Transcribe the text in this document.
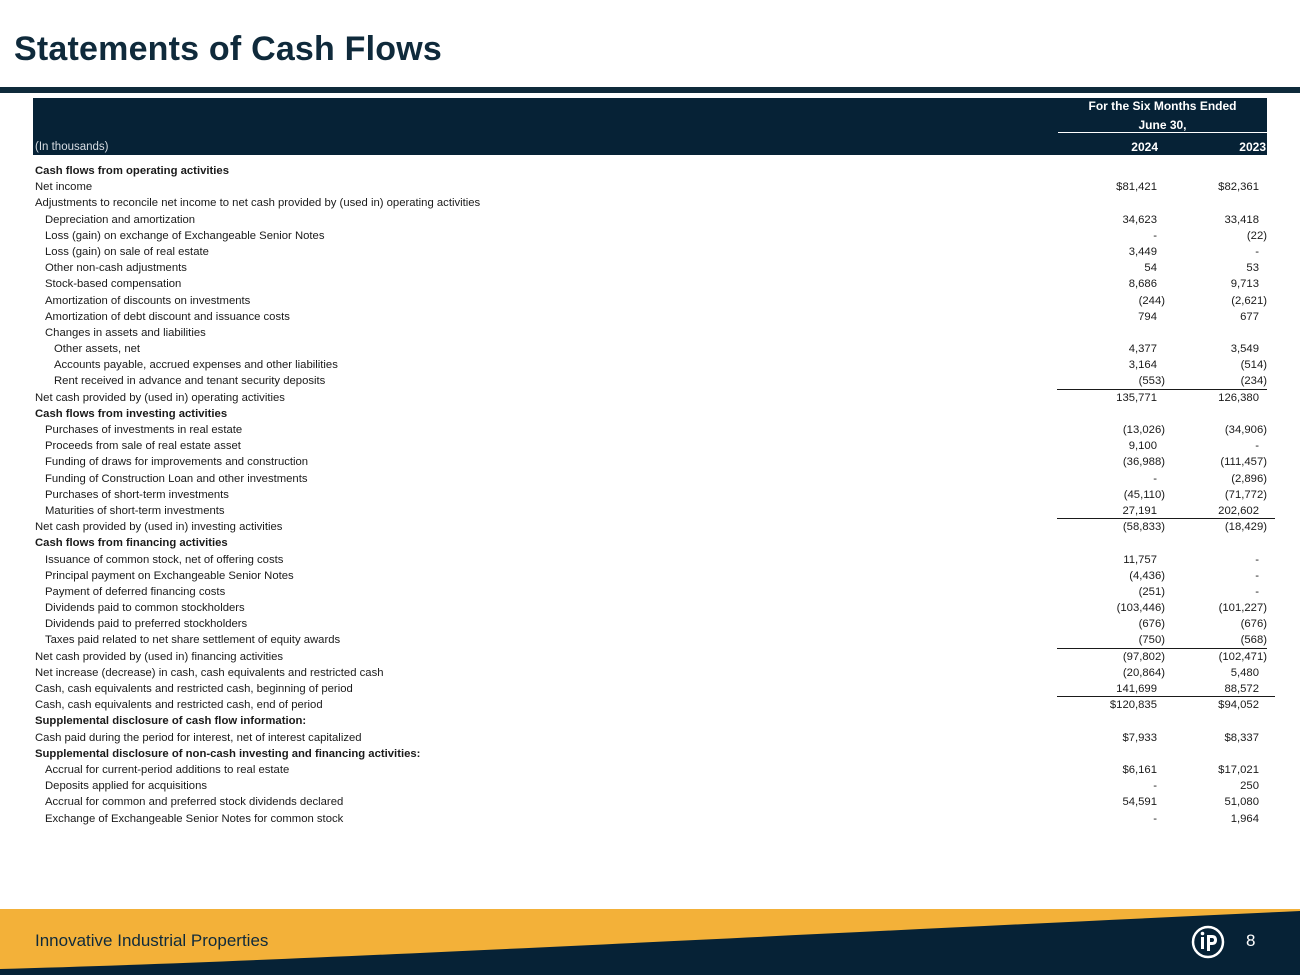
Statements of Cash Flows
For the Six Months Ended
June 30,
(In thousands)	2024	2023
Cash flows from operating activities
Net income	$81,421	$82,361
Adjustments to reconcile net income to net cash provided by (used in) operating activities
Depreciation and amortization	34,623	33,418
Loss (gain) on exchange of Exchangeable Senior Notes	-	(22)
Loss (gain) on sale of real estate	3,449	-
Other non-cash adjustments	54	53
Stock-based compensation	8,686	9,713
Amortization of discounts on investments	(244)	(2,621)
Amortization of debt discount and issuance costs	794	677
Changes in assets and liabilities
Other assets, net	4,377	3,549
Accounts payable, accrued expenses and other liabilities	3,164	(514)
Rent received in advance and tenant security deposits	(553)	(234)
Net cash provided by (used in) operating activities	135,771	126,380
Cash flows from investing activities
Purchases of investments in real estate	(13,026)	(34,906)
Proceeds from sale of real estate asset	9,100	-
Funding of draws for improvements and construction	(36,988)	(111,457)
Funding of Construction Loan and other investments	-	(2,896)
Purchases of short-term investments	(45,110)	(71,772)
Maturities of short-term investments	27,191	202,602
Net cash provided by (used in) investing activities	(58,833)	(18,429)
Cash flows from financing activities
Issuance of common stock, net of offering costs	11,757	-
Principal payment on Exchangeable Senior Notes	(4,436)	-
Payment of deferred financing costs	(251)	-
Dividends paid to common stockholders	(103,446)	(101,227)
Dividends paid to preferred stockholders	(676)	(676)
Taxes paid related to net share settlement of equity awards	(750)	(568)
Net cash provided by (used in) financing activities	(97,802)	(102,471)
Net increase (decrease) in cash, cash equivalents and restricted cash	(20,864)	5,480
Cash, cash equivalents and restricted cash, beginning of period	141,699	88,572
Cash, cash equivalents and restricted cash, end of period	$120,835	$94,052
Supplemental disclosure of cash flow information:
Cash paid during the period for interest, net of interest capitalized	$7,933	$8,337
Supplemental disclosure of non-cash investing and financing activities:
Accrual for current-period additions to real estate	$6,161	$17,021
Deposits applied for acquisitions	-	250
Accrual for common and preferred stock dividends declared	54,591	51,080
Exchange of Exchangeable Senior Notes for common stock	-	1,964
Innovative Industrial Properties	8
